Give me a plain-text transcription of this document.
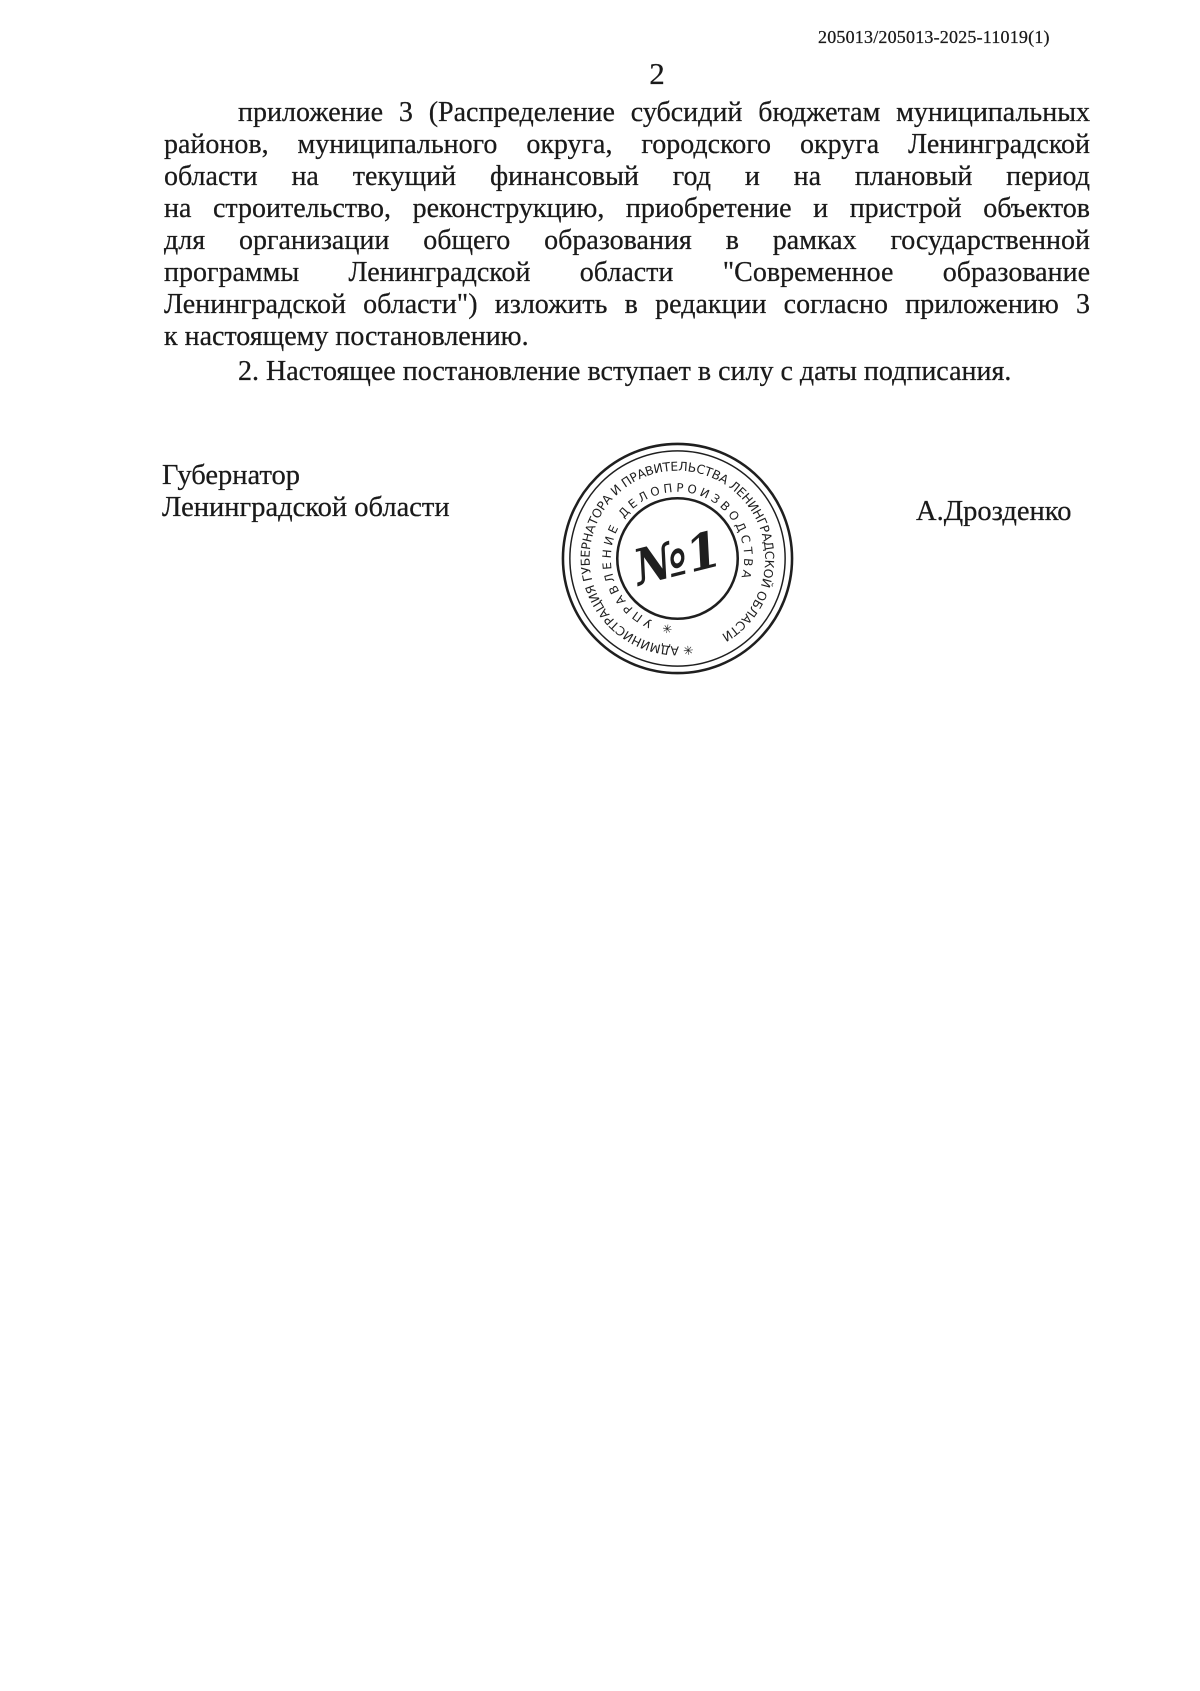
205013/205013-2025-11019(1)
2
приложение 3 (Распределение субсидий бюджетам муниципальных
районов, муниципального округа, городского округа Ленинградской
области на текущий финансовый год и на плановый период
на строительство, реконструкцию, приобретение и пристрой объектов
для организации общего образования в рамках государственной
программы Ленинградской области "Современное образование
Ленинградской области") изложить в редакции согласно приложению 3
к настоящему постановлению.
2. Настоящее постановление вступает в силу с даты подписания.
Губернатор
Ленинградской области	А.Дрозденко
✳ АДМИНИСТРАЦИЯ ГУБЕРНАТОРА И ПРАВИТЕЛЬСТВА ЛЕНИНГРАДСКОЙ ОБЛАСТИ
✳ УПРАВЛЕНИЕ ДЕЛОПРОИЗВОДСТВА
№1
